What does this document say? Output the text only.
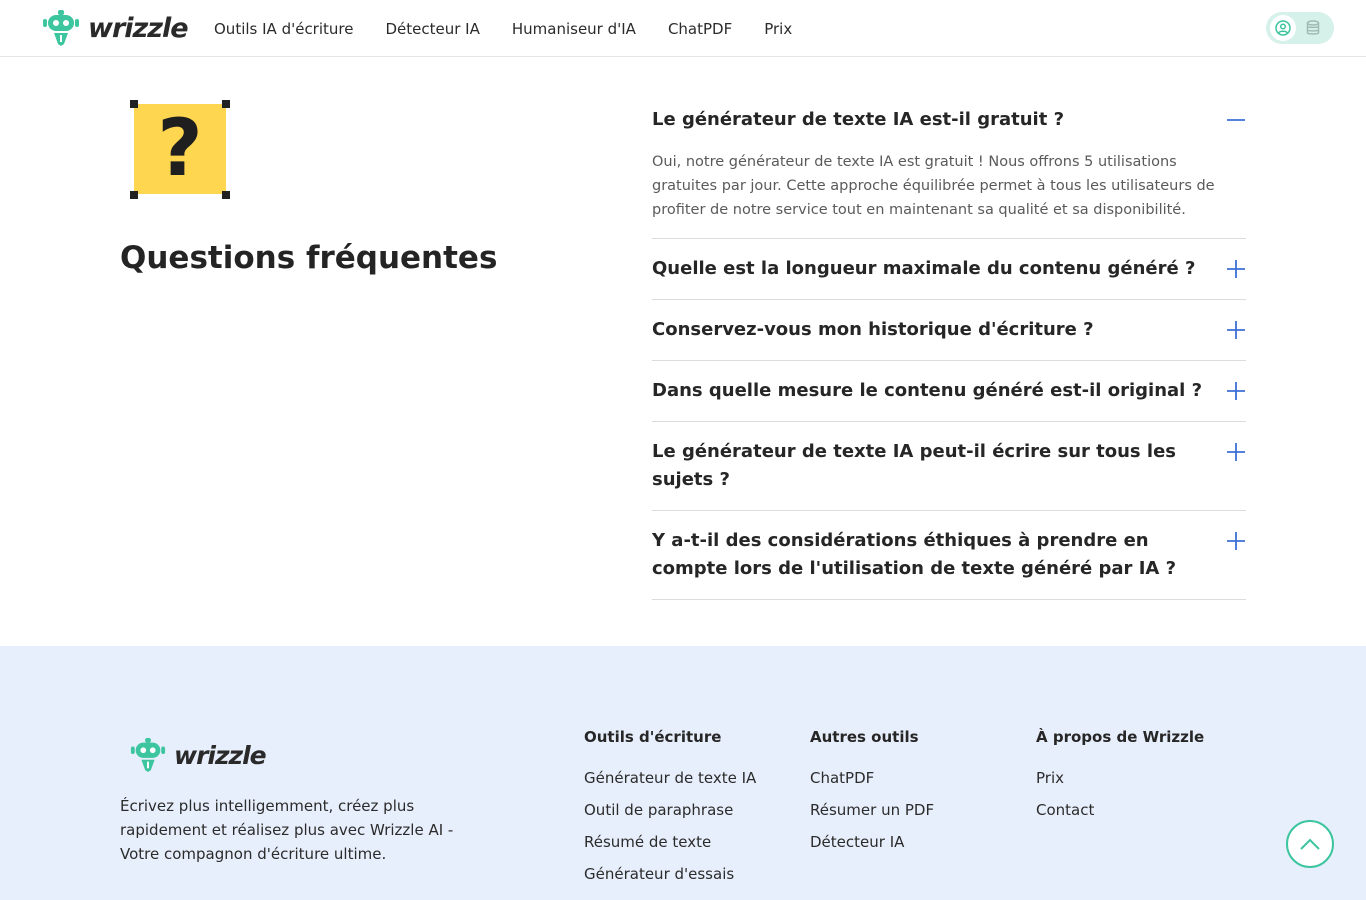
wrizzle Outils IA d'écriture Détecteur IA Humaniseur d'IA ChatPDF Prix
?
Questions fréquentes
Le générateur de texte IA est-il gratuit ?

Oui, notre générateur de texte IA est gratuit ! Nous offrons 5 utilisations gratuites par jour. Cette approche équilibrée permet à tous les utilisateurs de profiter de notre service tout en maintenant sa qualité et sa disponibilité.

Quelle est la longueur maximale du contenu généré ?
Conservez-vous mon historique d'écriture ?
Dans quelle mesure le contenu généré est-il original ?
Le générateur de texte IA peut-il écrire sur tous les sujets ?
Y a-t-il des considérations éthiques à prendre en compte lors de l'utilisation de texte généré par IA ?
wrizzle

Écrivez plus intelligemment, créez plus rapidement et réalisez plus avec Wrizzle AI - Votre compagnon d'écriture ultime.

Outils d'écriture
Générateur de texte IA
Outil de paraphrase
Résumé de texte
Générateur d'essais
Autres outils
ChatPDF
Résumer un PDF
Détecteur IA
À propos de Wrizzle
Prix
Contact
